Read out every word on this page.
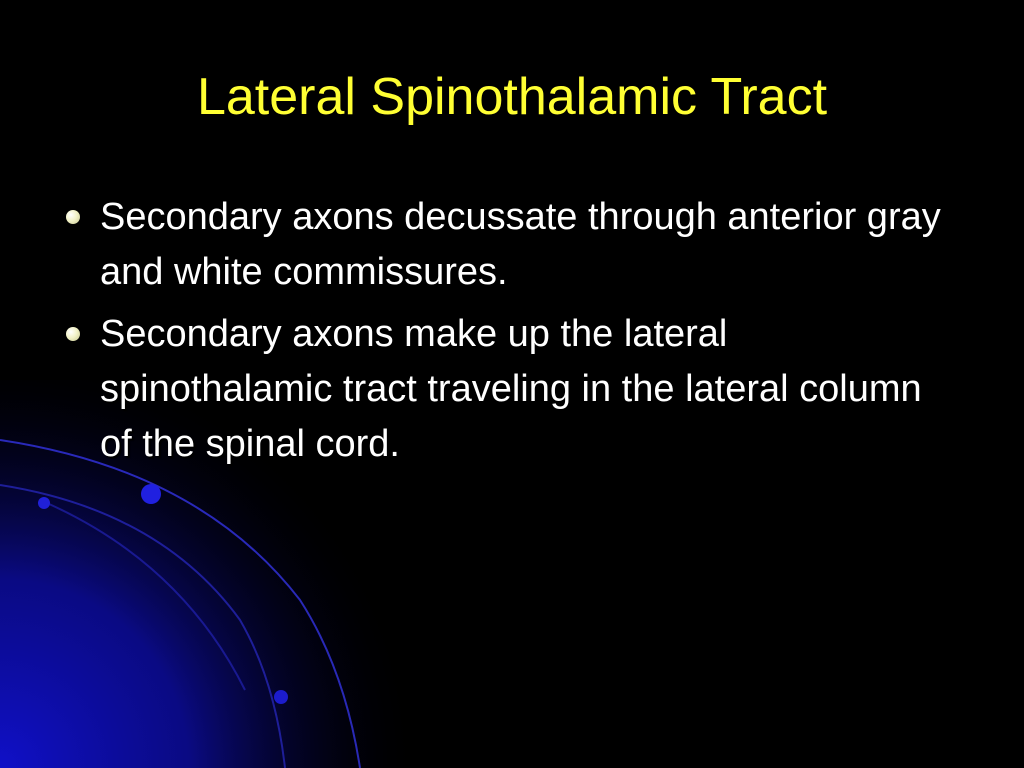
Lateral Spinothalamic Tract
Secondary axons decussate through anterior gray and white commissures.
Secondary axons make up the lateral spinothalamic tract traveling in the lateral column of the spinal cord.
